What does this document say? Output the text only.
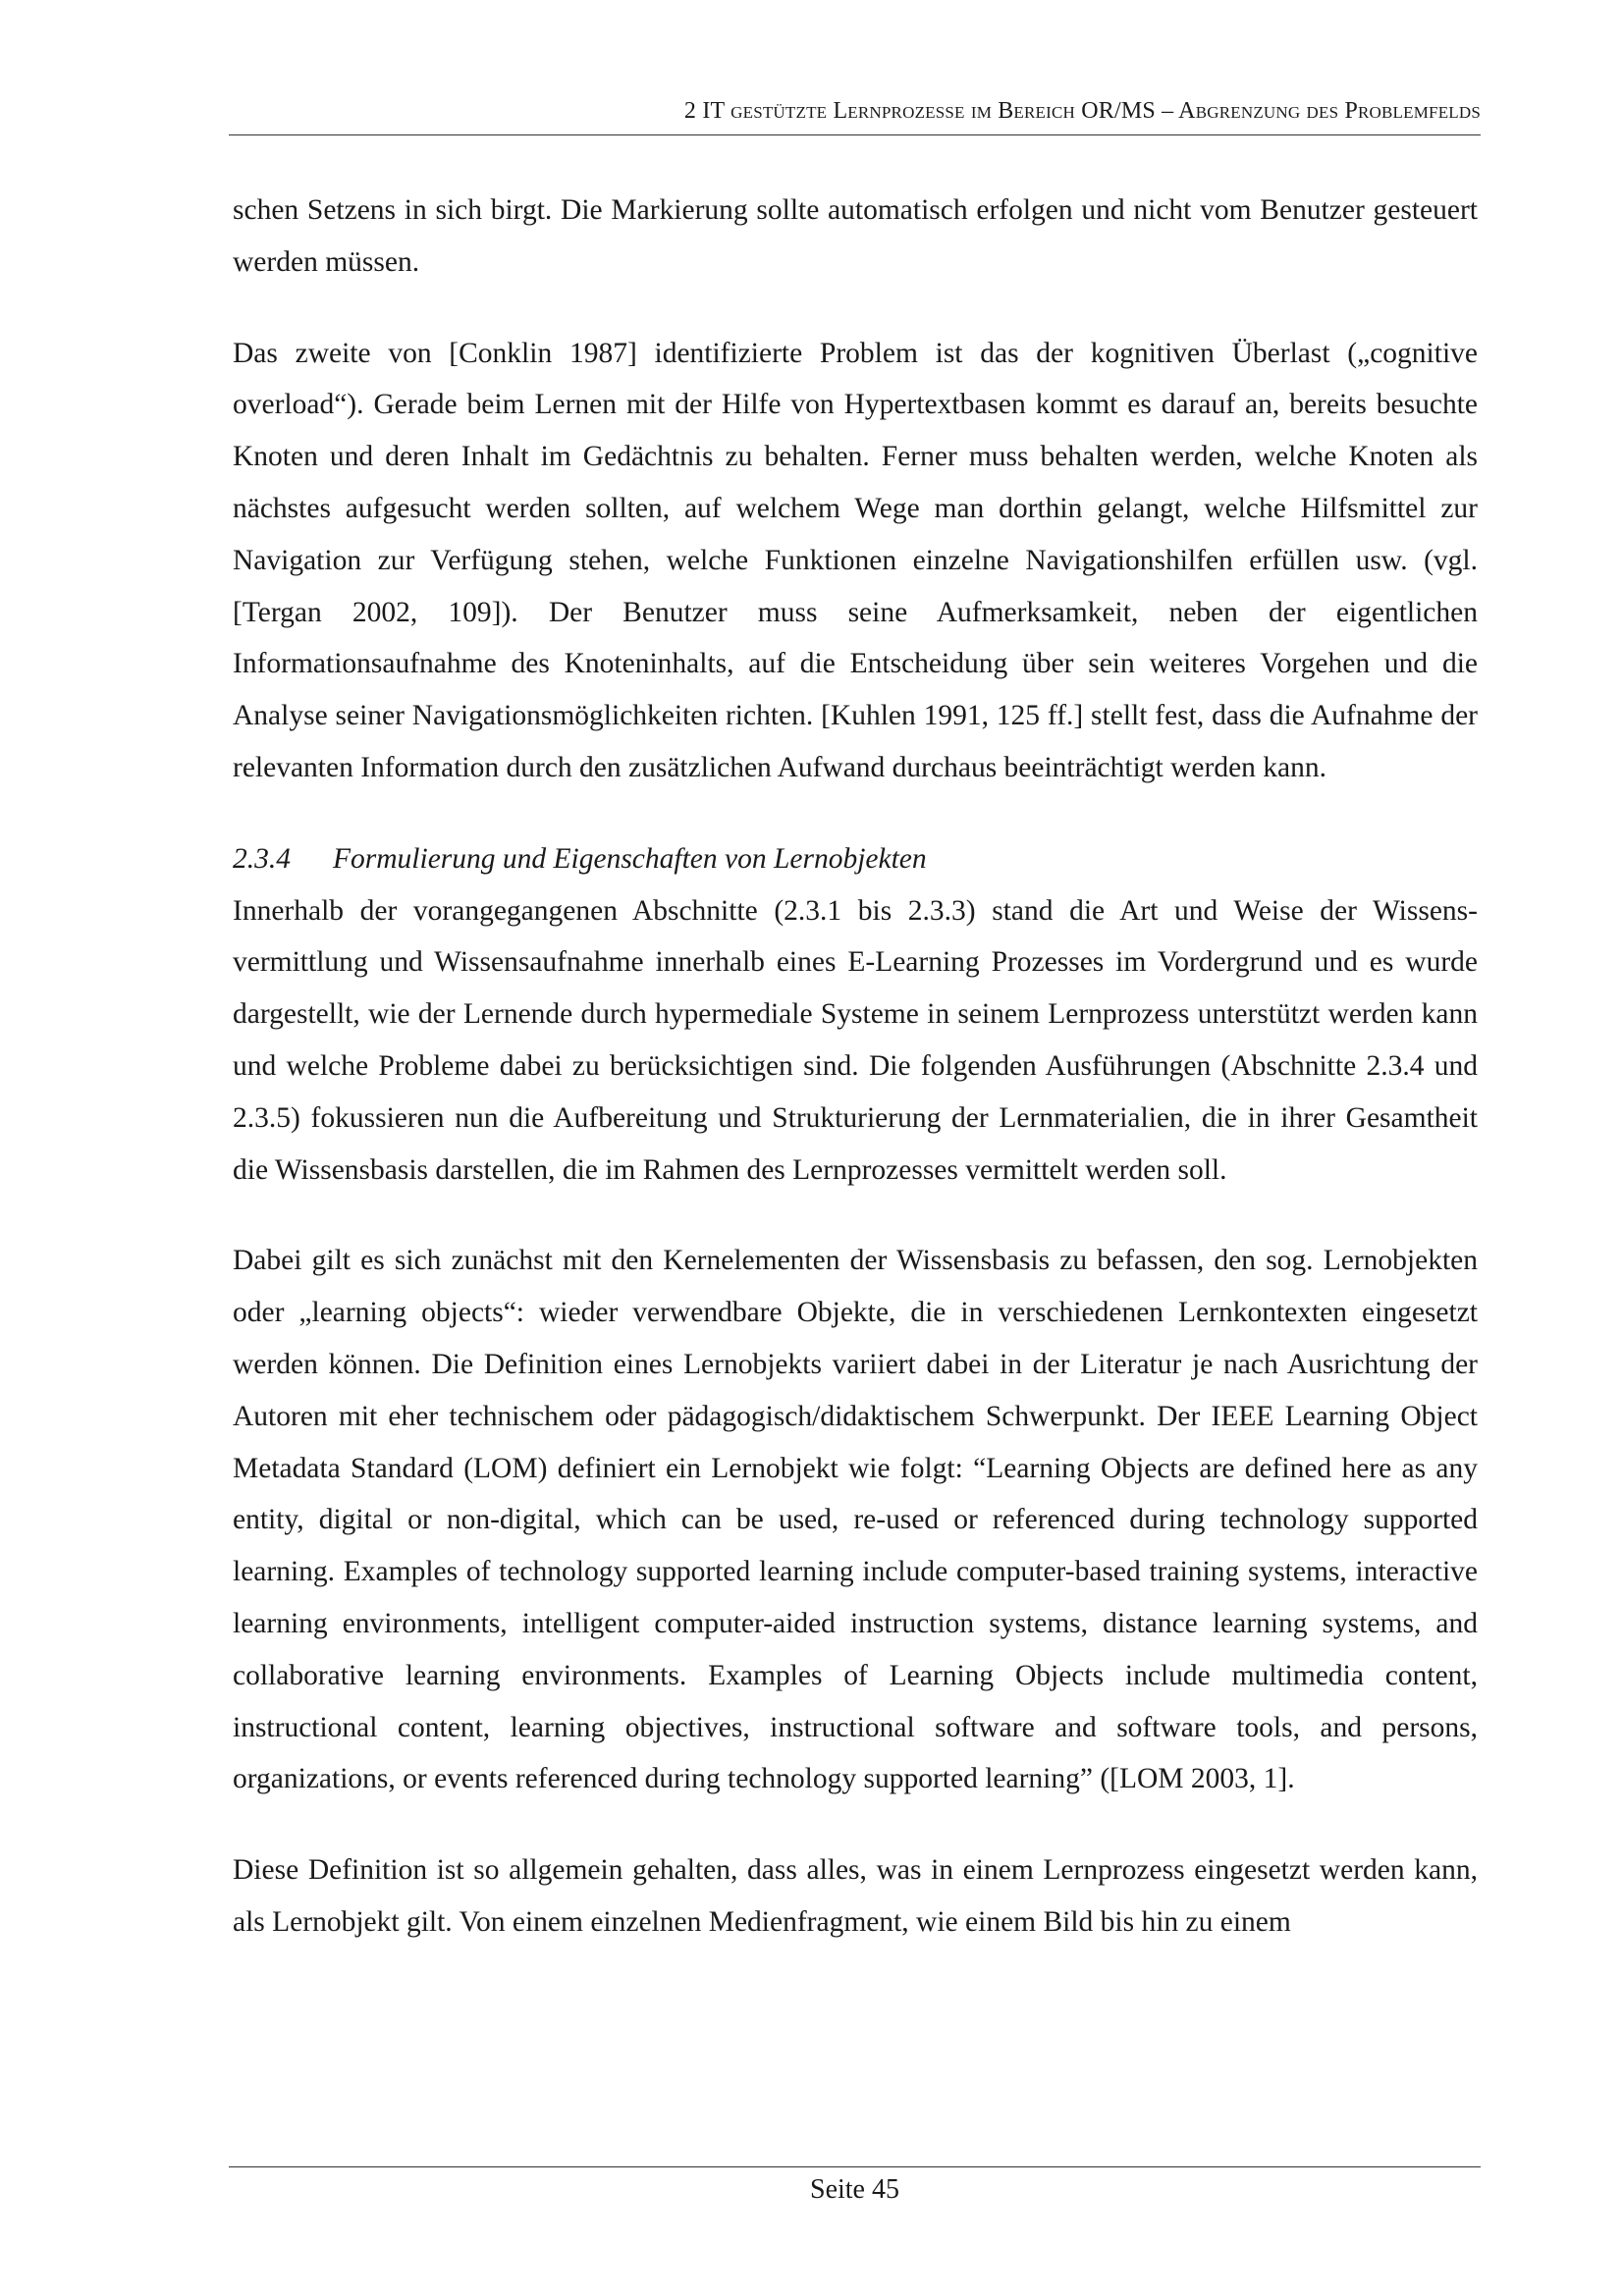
2 IT gestützte Lernprozesse im Bereich OR/MS – Abgrenzung des Problemfelds

schen Setzens in sich birgt. Die Markierung sollte automatisch erfolgen und nicht vom Benutzer gesteuert werden müssen.

Das zweite von [Conklin 1987] identifizierte Problem ist das der kognitiven Überlast („cognitive overload“). Gerade beim Lernen mit der Hilfe von Hypertextbasen kommt es darauf an, bereits besuchte Knoten und deren Inhalt im Gedächtnis zu behalten. Ferner muss behalten werden, welche Knoten als nächstes aufgesucht werden sollten, auf welchem Wege man dorthin gelangt, welche Hilfsmittel zur Navigation zur Verfügung stehen, welche Funktionen einzelne Navigationshilfen erfüllen usw. (vgl. [Tergan 2002, 109]). Der Benutzer muss seine Aufmerksamkeit, neben der eigentlichen Informationsaufnahme des Knoteninhalts, auf die Entscheidung über sein weiteres Vorgehen und die Analyse seiner Navigationsmöglichkeiten richten. [Kuhlen 1991, 125 ff.] stellt fest, dass die Aufnahme der relevanten Information durch den zusätzlichen Aufwand durchaus beeinträchtigt werden kann.

2.3.4 Formulierung und Eigenschaften von Lernobjekten

Innerhalb der vorangegangenen Abschnitte (2.3.1 bis 2.3.3) stand die Art und Weise der Wissensvermittlung und Wissensaufnahme innerhalb eines E-Learning Prozesses im Vordergrund und es wurde dargestellt, wie der Lernende durch hypermediale Systeme in seinem Lernprozess unterstützt werden kann und welche Probleme dabei zu berücksichtigen sind. Die folgenden Ausführungen (Abschnitte 2.3.4 und 2.3.5) fokussieren nun die Aufbereitung und Strukturierung der Lernmaterialien, die in ihrer Gesamtheit die Wissensbasis darstellen, die im Rahmen des Lernprozesses vermittelt werden soll.

Dabei gilt es sich zunächst mit den Kernelementen der Wissensbasis zu befassen, den sog. Lernobjekten oder „learning objects“: wieder verwendbare Objekte, die in verschiedenen Lernkontexten eingesetzt werden können. Die Definition eines Lernobjekts variiert dabei in der Literatur je nach Ausrichtung der Autoren mit eher technischem oder pädagogisch/didaktischem Schwerpunkt. Der IEEE Learning Object Metadata Standard (LOM) definiert ein Lernobjekt wie folgt: “Learning Objects are defined here as any entity, digital or non-digital, which can be used, re-used or referenced during technology supported learning. Examples of technology supported learning include computer-based training systems, interactive learning environments, intelligent computer-aided instruction systems, distance learning systems, and collaborative learning environments. Examples of Learning Objects include multimedia content, instructional content, learning objectives, instructional software and software tools, and persons, organizations, or events referenced during technology supported learning” ([LOM 2003, 1].

Diese Definition ist so allgemein gehalten, dass alles, was in einem Lernprozess eingesetzt werden kann, als Lernobjekt gilt. Von einem einzelnen Medienfragment, wie einem Bild bis hin zu einem

Seite 45
